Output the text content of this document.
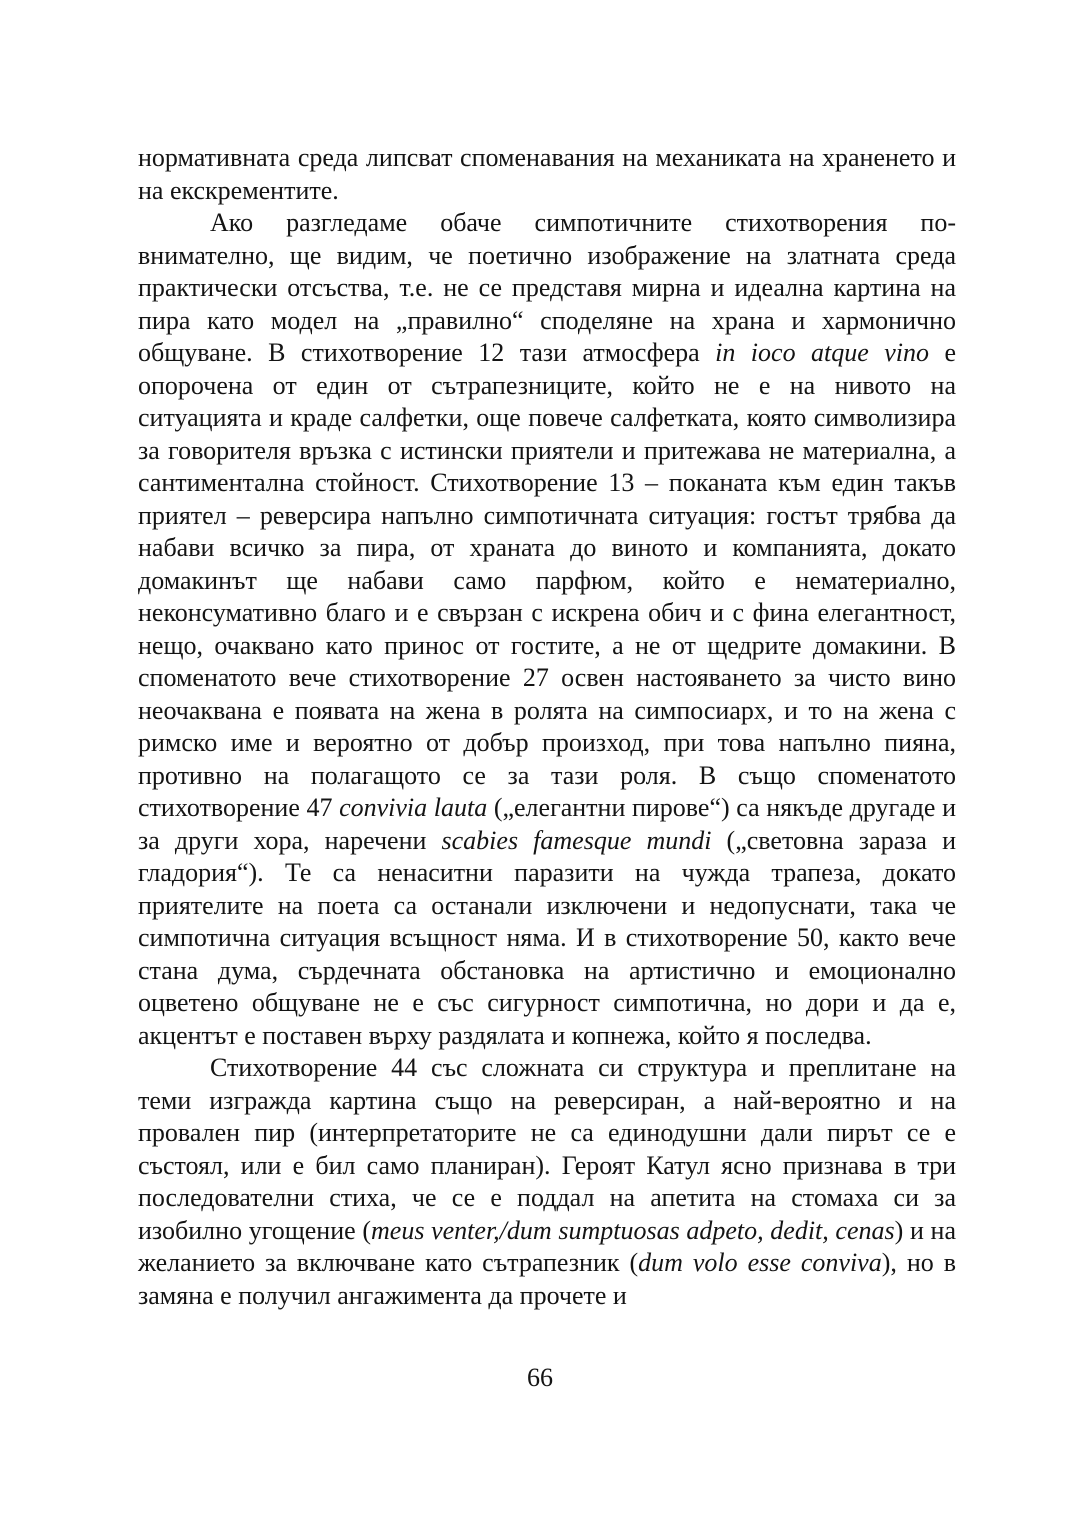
нормативната среда липсват споменавания на механиката на храненето и на екскрементите.

Ако разгледаме обаче симпотичните стихотворения по-внимателно, ще видим, че поетично изображение на златната среда практически отсъства, т.е. не се представя мирна и идеална картина на пира като модел на „правилно“ споделяне на храна и хармонично общуване. В стихотворение 12 тази атмосфера in ioco atque vino е опорочена от един от сътрапезниците, който не е на нивото на ситуацията и краде салфетки, още повече салфетката, която символизира за говорителя връзка с истински приятели и притежава не материална, а сантиментална стойност. Стихотворение 13 – поканата към един такъв приятел – реверсира напълно симпотичната ситуация: гостът трябва да набави всичко за пира, от храната до виното и компанията, докато домакинът ще набави само парфюм, който е нематериално, неконсумативно благо и е свързан с искрена обич и с фина елегантност, нещо, очаквано като принос от гостите, а не от щедрите домакини. В споменатото вече стихотворение 27 освен настояването за чисто вино неочаквана е появата на жена в ролята на симпосиарх, и то на жена с римско име и вероятно от добър произход, при това напълно пияна, противно на полагащото се за тази роля. В също споменатото стихотворение 47 convivia lauta („елегантни пирове“) са някъде другаде и за други хора, наречени scabies famesque mundi („световна зараза и гладория“). Те са ненаситни паразити на чужда трапеза, докато приятелите на поета са останали изключени и недопуснати, така че симпотична ситуация всъщност няма. И в стихотворение 50, както вече стана дума, сърдечната обстановка на артистично и емоционално оцветено общуване не е със сигурност симпотична, но дори и да е, акцентът е поставен върху раздялата и копнежа, който я последва.

Стихотворение 44 със сложната си структура и преплитане на теми изгражда картина също на реверсиран, а най-вероятно и на провален пир (интерпретаторите не са единодушни дали пирът се е състоял, или е бил само планиран). Героят Катул ясно признава в три последователни стиха, че се е поддал на апетита на стомаха си за изобилно угощение (meus venter,/dum sumptuosas adpeto, dedit, cenas) и на желанието за включване като сътрапезник (dum volo esse conviva), но в замяна е получил ангажимента да прочете и

66
